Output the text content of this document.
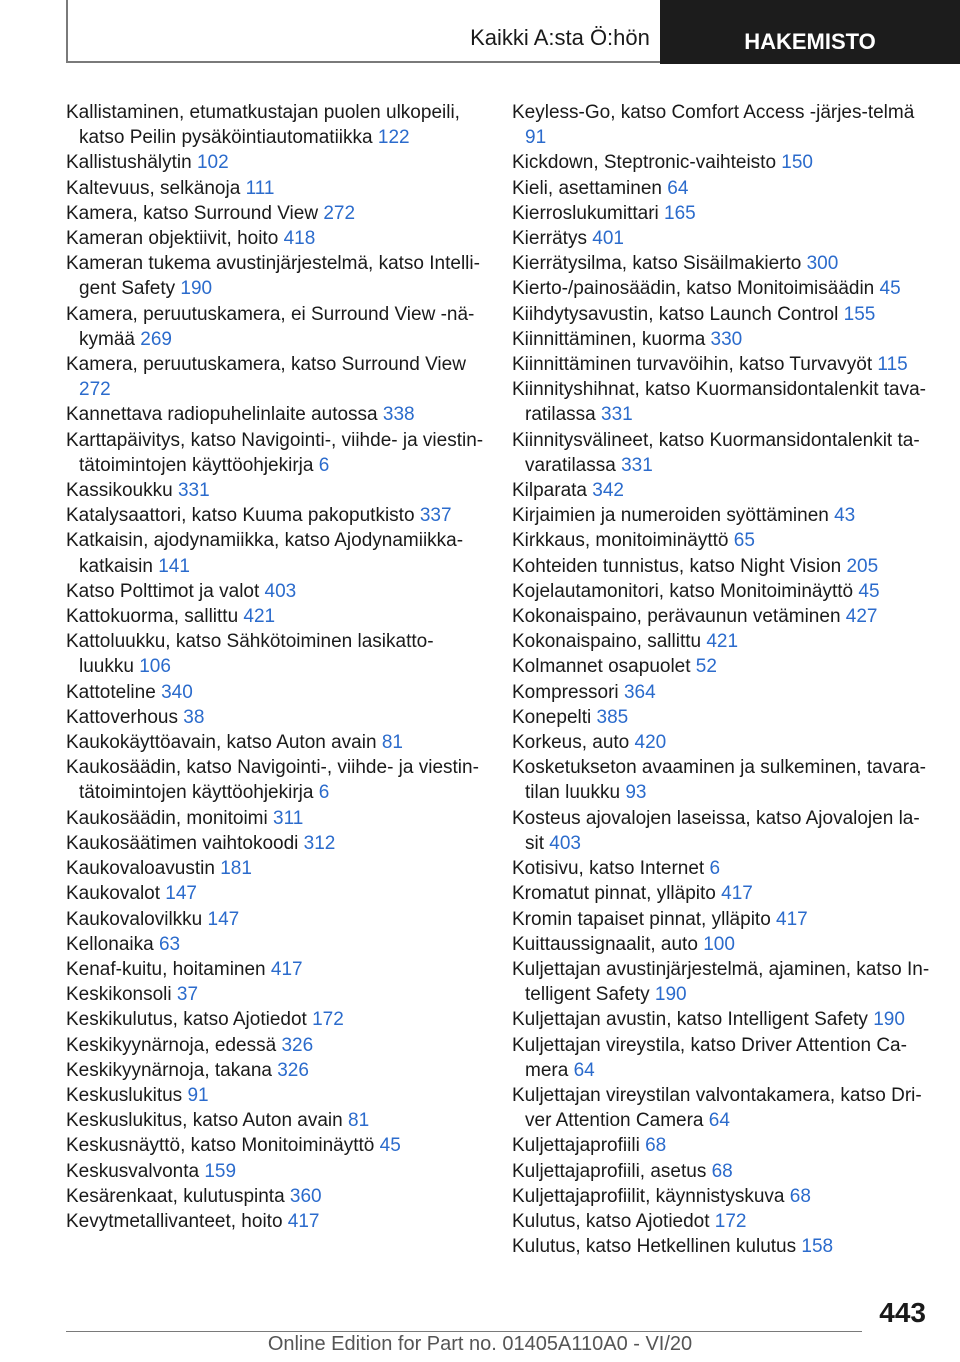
Kaikki A:sta Ö:hön	HAKEMISTO
Kallistaminen, etumatkustajan puolen ulkopeili, katso Peilin pysäköintiautomatiikka 122
Kallistushälytin 102
Kaltevuus, selkänoja 111
Kamera, katso Surround View 272
Kameran objektiivit, hoito 418
Kameran tukema avustinjärjestelmä, katso Intelli‐gent Safety 190
Kamera, peruutuskamera, ei Surround View -nä‐kymää 269
Kamera, peruutuskamera, katso Surround View 272
Kannettava radiopuhelinlaite autossa 338
Karttapäivitys, katso Navigointi-, viihde- ja viestin‐tätoimintojen käyttöohjekirja 6
Kassikoukku 331
Katalysaattori, katso Kuuma pakoputkisto 337
Katkaisin, ajodynamiikka, katso Ajodynamiikka‐katkaisin 141
Katso Polttimot ja valot 403
Kattokuorma, sallittu 421
Kattoluukku, katso Sähkötoiminen lasikatto‐luukku 106
Kattoteline 340
Kattoverhous 38
Kaukokäyttöavain, katso Auton avain 81
Kaukosäädin, katso Navigointi-, viihde- ja viestin‐tätoimintojen käyttöohjekirja 6
Kaukosäädin, monitoimi 311
Kaukosäätimen vaihtokoodi 312
Kaukovaloavustin 181
Kaukovalot 147
Kaukovalovilkku 147
Kellonaika 63
Kenaf-kuitu, hoitaminen 417
Keskikonsoli 37
Keskikulutus, katso Ajotiedot 172
Keskikyynärnoja, edessä 326
Keskikyynärnoja, takana 326
Keskuslukitus 91
Keskuslukitus, katso Auton avain 81
Keskusnäyttö, katso Monitoiminäyttö 45
Keskusvalvonta 159
Kesärenkaat, kulutuspinta 360
Kevytmetallivanteet, hoito 417
Keyless-Go, katso Comfort Access -järjes‐telmä 91
Kickdown, Steptronic-vaihteisto 150
Kieli, asettaminen 64
Kierroslukumittari 165
Kierrätys 401
Kierrätysilma, katso Sisäilmakierto 300
Kierto-/painosäädin, katso Monitoimisäädin 45
Kiihdytysavustin, katso Launch Control 155
Kiinnittäminen, kuorma 330
Kiinnittäminen turvavöihin, katso Turvavyöt 115
Kiinnityshihnat, katso Kuormansidontalenkit tava‐ratilassa 331
Kiinnitysvälineet, katso Kuormansidontalenkit ta‐varatilassa 331
Kilparata 342
Kirjaimien ja numeroiden syöttäminen 43
Kirkkaus, monitoiminäyttö 65
Kohteiden tunnistus, katso Night Vision 205
Kojelautamonitori, katso Monitoiminäyttö 45
Kokonaispaino, perävaunun vetäminen 427
Kokonaispaino, sallittu 421
Kolmannet osapuolet 52
Kompressori 364
Konepelti 385
Korkeus, auto 420
Kosketukseton avaaminen ja sulkeminen, tavara‐tilan luukku 93
Kosteus ajovalojen laseissa, katso Ajovalojen la‐sit 403
Kotisivu, katso Internet 6
Kromatut pinnat, ylläpito 417
Kromin tapaiset pinnat, ylläpito 417
Kuittaussignaalit, auto 100
Kuljettajan avustinjärjestelmä, ajaminen, katso In‐telligent Safety 190
Kuljettajan avustin, katso Intelligent Safety 190
Kuljettajan vireystila, katso Driver Attention Ca‐mera 64
Kuljettajan vireystilan valvontakamera, katso Dri‐ver Attention Camera 64
Kuljettajaprofiili 68
Kuljettajaprofiili, asetus 68
Kuljettajaprofiilit, käynnistyskuva 68
Kulutus, katso Ajotiedot 172
Kulutus, katso Hetkellinen kulutus 158
443
Online Edition for Part no. 01405A110A0 - VI/20
